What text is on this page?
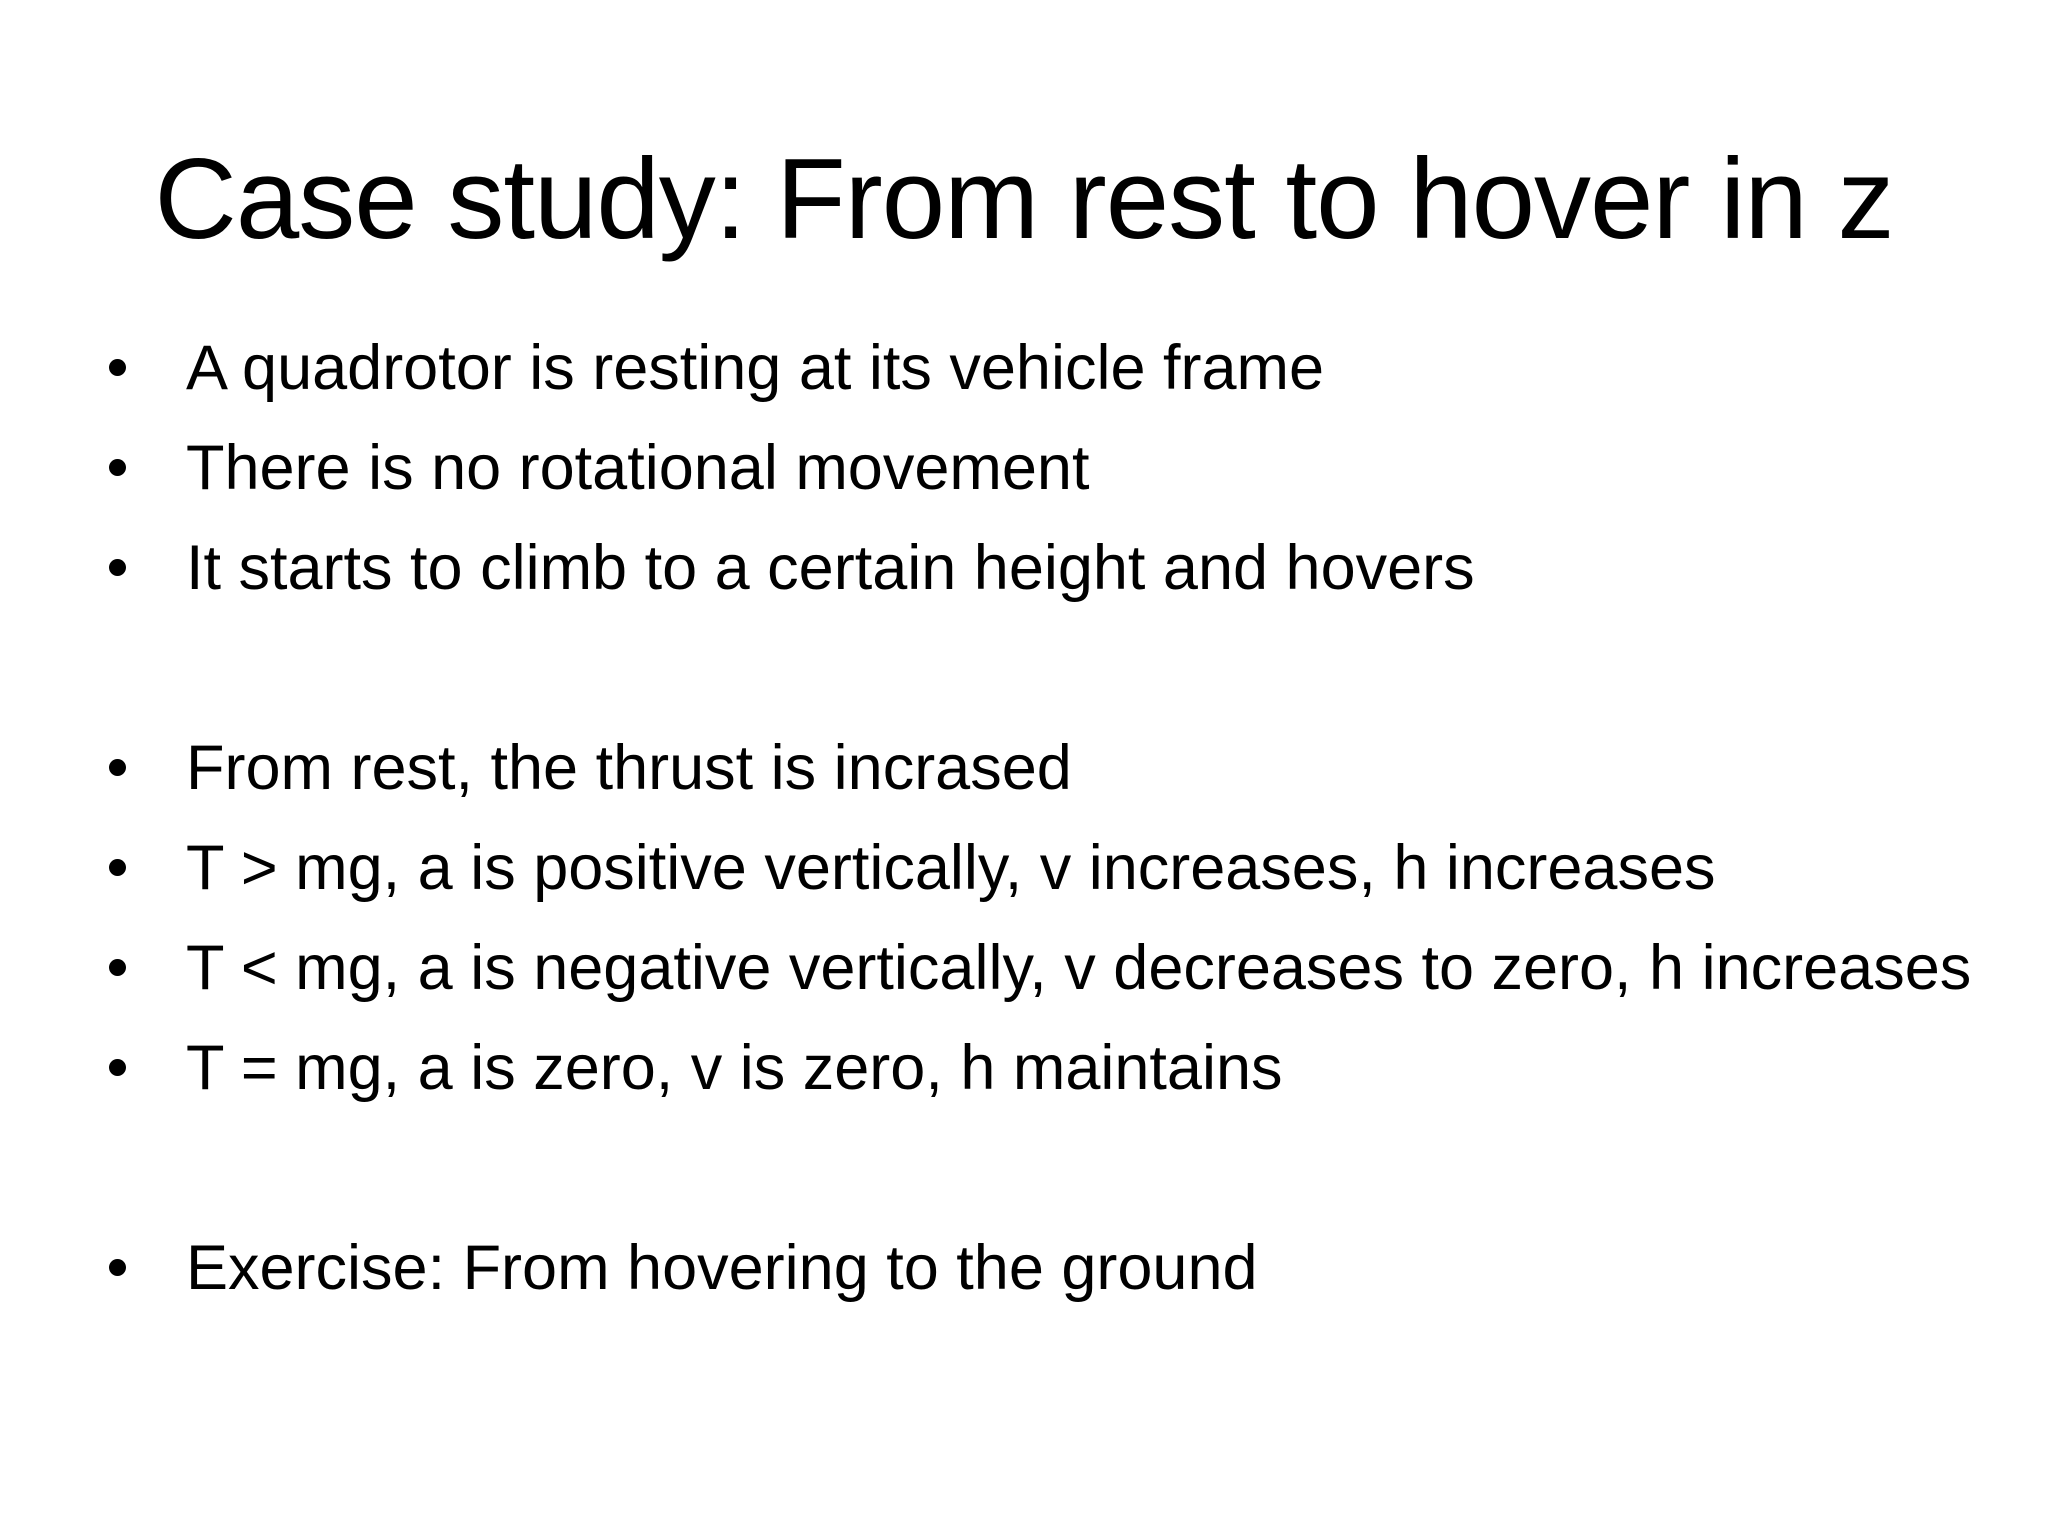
Case study: From rest to hover in z
A quadrotor is resting at its vehicle frame
There is no rotational movement
It starts to climb to a certain height and hovers
From rest, the thrust is incrased
T > mg, a is positive vertically, v increases, h increases
T < mg, a is negative vertically, v decreases to zero, h increases
T = mg, a is zero, v is zero, h maintains
Exercise: From hovering to the ground
